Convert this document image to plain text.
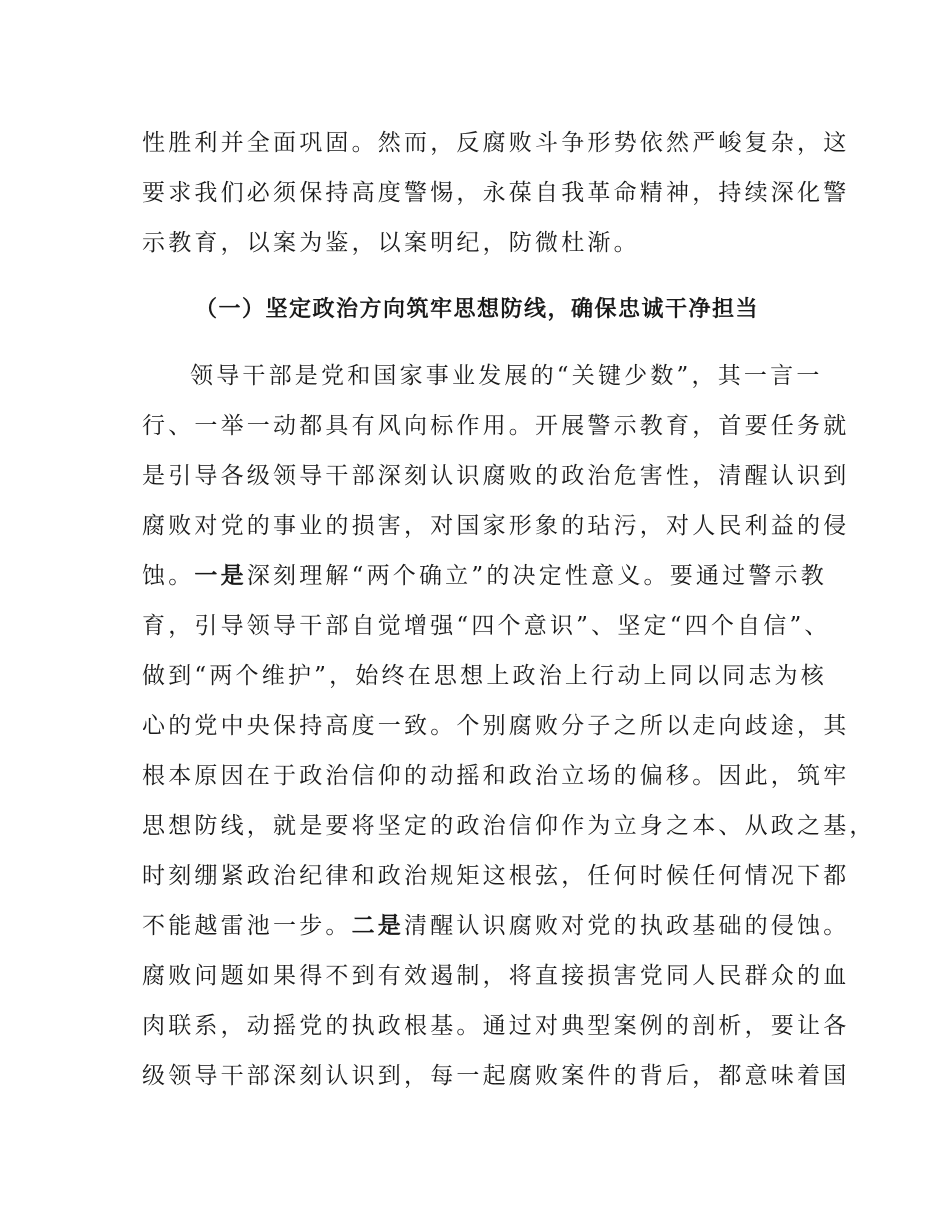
性胜利并全面巩固。然而，反腐败斗争形势依然严峻复杂，这
要求我们必须保持高度警惕，永葆自我革命精神，持续深化警
示教育，以案为鉴，以案明纪，防微杜渐。
（一）坚定政治方向筑牢思想防线，确保忠诚干净担当
领导干部是党和国家事业发展的“关键少数”，其一言一
行、一举一动都具有风向标作用。开展警示教育，首要任务就
是引导各级领导干部深刻认识腐败的政治危害性，清醒认识到
腐败对党的事业的损害，对国家形象的玷污，对人民利益的侵
蚀。一是深刻理解“两个确立”的决定性意义。要通过警示教
育，引导领导干部自觉增强“四个意识”、坚定“四个自信”、
做到“两个维护”，始终在思想上政治上行动上同以同志为核
心的党中央保持高度一致。个别腐败分子之所以走向歧途，其
根本原因在于政治信仰的动摇和政治立场的偏移。因此，筑牢
思想防线，就是要将坚定的政治信仰作为立身之本、从政之基，
时刻绷紧政治纪律和政治规矩这根弦，任何时候任何情况下都
不能越雷池一步。二是清醒认识腐败对党的执政基础的侵蚀。
腐败问题如果得不到有效遏制，将直接损害党同人民群众的血
肉联系，动摇党的执政根基。通过对典型案例的剖析，要让各
级领导干部深刻认识到，每一起腐败案件的背后，都意味着国
